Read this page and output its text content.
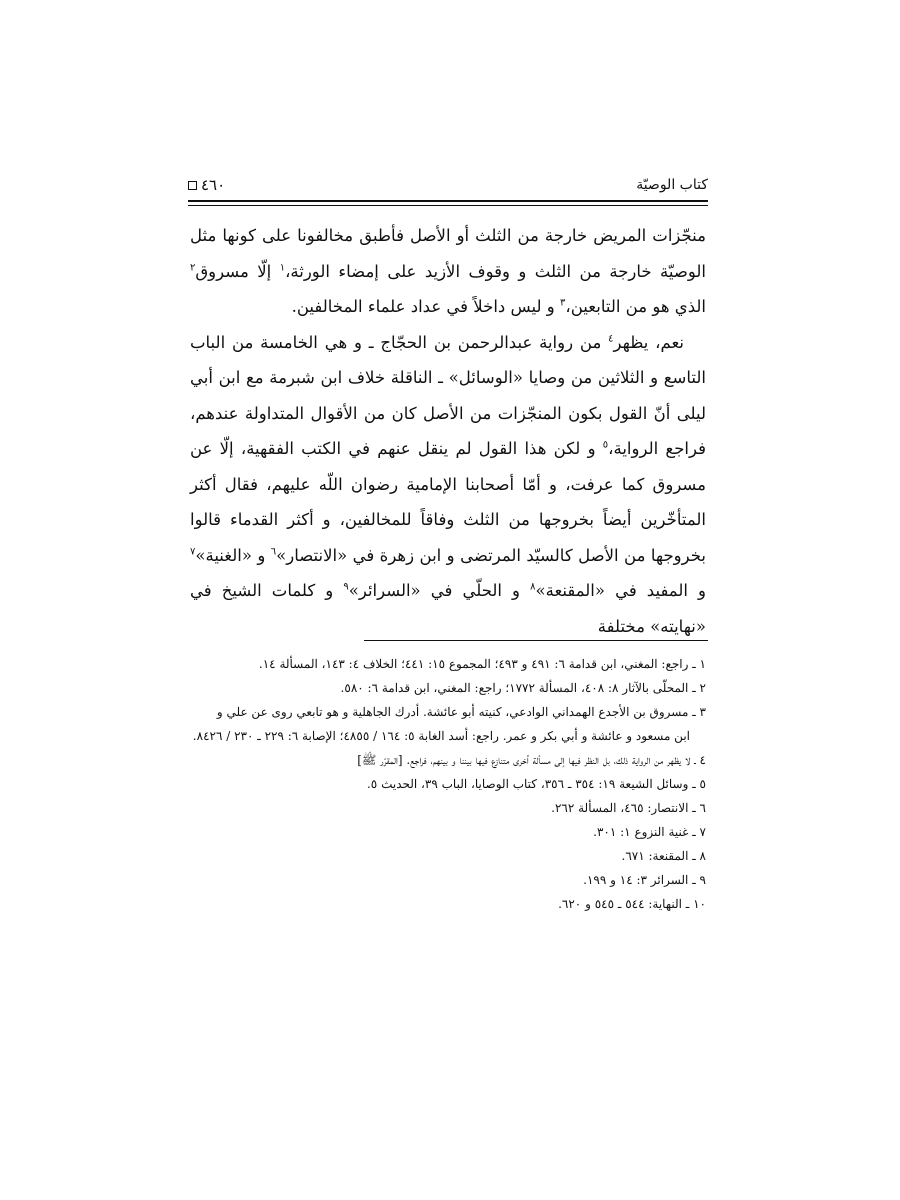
كتاب الوصيّة
٤٦٠

منجّزات المريض خارجة من الثلث أو الأصل فأطبق مخالفونا على كونها مثل الوصيّة خارجة من الثلث و وقوف الأزيد على إمضاء الورثة،$^١$ إلّا مسروق$^٢$ الذي هو من التابعين،$^٣$ و ليس داخلاً في عداد علماء المخالفين.

نعم، يظهر$^٤$ من رواية عبدالرحمن بن الحجّاج ـ و هي الخامسة من الباب التاسع و الثلاثين من وصايا «الوسائل» ـ الناقلة خلاف ابن شبرمة مع ابن أبي ليلى أنّ القول بكون المنجّزات من الأصل كان من الأقوال المتداولة عندهم، فراجع الرواية،$^٥$ و لكن هذا القول لم ينقل عنهم في الكتب الفقهية، إلّا عن مسروق كما عرفت، و أمّا أصحابنا الإمامية رضوان اللّه عليهم، فقال أكثر المتأخّرين أيضاً بخروجها من الثلث وفاقاً للمخالفين، و أكثر القدماء قالوا بخروجها من الأصل كالسيّد المرتضى و ابن زهرة في «الانتصار»$^٦$ و «الغنية»$^٧$ و المفيد في «المقنعة»$^٨$ و الحلّي في «السرائر»$^٩$ و كلمات الشيخ في «نهايته» مختلفة

١ ـ راجع: المغني، ابن قدامة ٦: ٤٩١ و ٤٩٣؛ المجموع ١٥: ٤٤١؛ الخلاف ٤: ١٤٣، المسألة ١٤.

٢ ـ المحلّى بالآثار ٨: ٤٠٨، المسألة ١٧٧٢؛ راجع: المغني، ابن قدامة ٦: ٥٨٠.

٣ ـ مسروق بن الأجدع الهمداني الوادعي، كنيته أبو عائشة. أدرك الجاهلية و هو تابعي روى عن علي و
ابن مسعود و عائشة و أبي بكر و عمر. راجع: أسد الغابة ٥: ١٦٤ / ٤٨٥٥؛ الإصابة ٦: ٢٢٩ ـ ٢٣٠ / ٨٤٢٦.

٤ ـ لا يظهر من الرواية ذلك، بل النظر فيها إلى مسألة اُخرى متنازع فيها بيننا و بينهم، فراجع. [المقرّر ﷺ]

٥ ـ وسائل الشيعة ١٩: ٣٥٤ ـ ٣٥٦، كتاب الوصايا، الباب ٣٩، الحديث ٥.

٦ ـ الانتصار: ٤٦٥، المسألة ٢٦٢.

٧ ـ غنية النزوع ١: ٣٠١.

٨ ـ المقنعة: ٦٧١.

٩ ـ السرائر ٣: ١٤ و ١٩٩.

١٠ ـ النهاية: ٥٤٤ ـ ٥٤٥ و ٦٢٠.
